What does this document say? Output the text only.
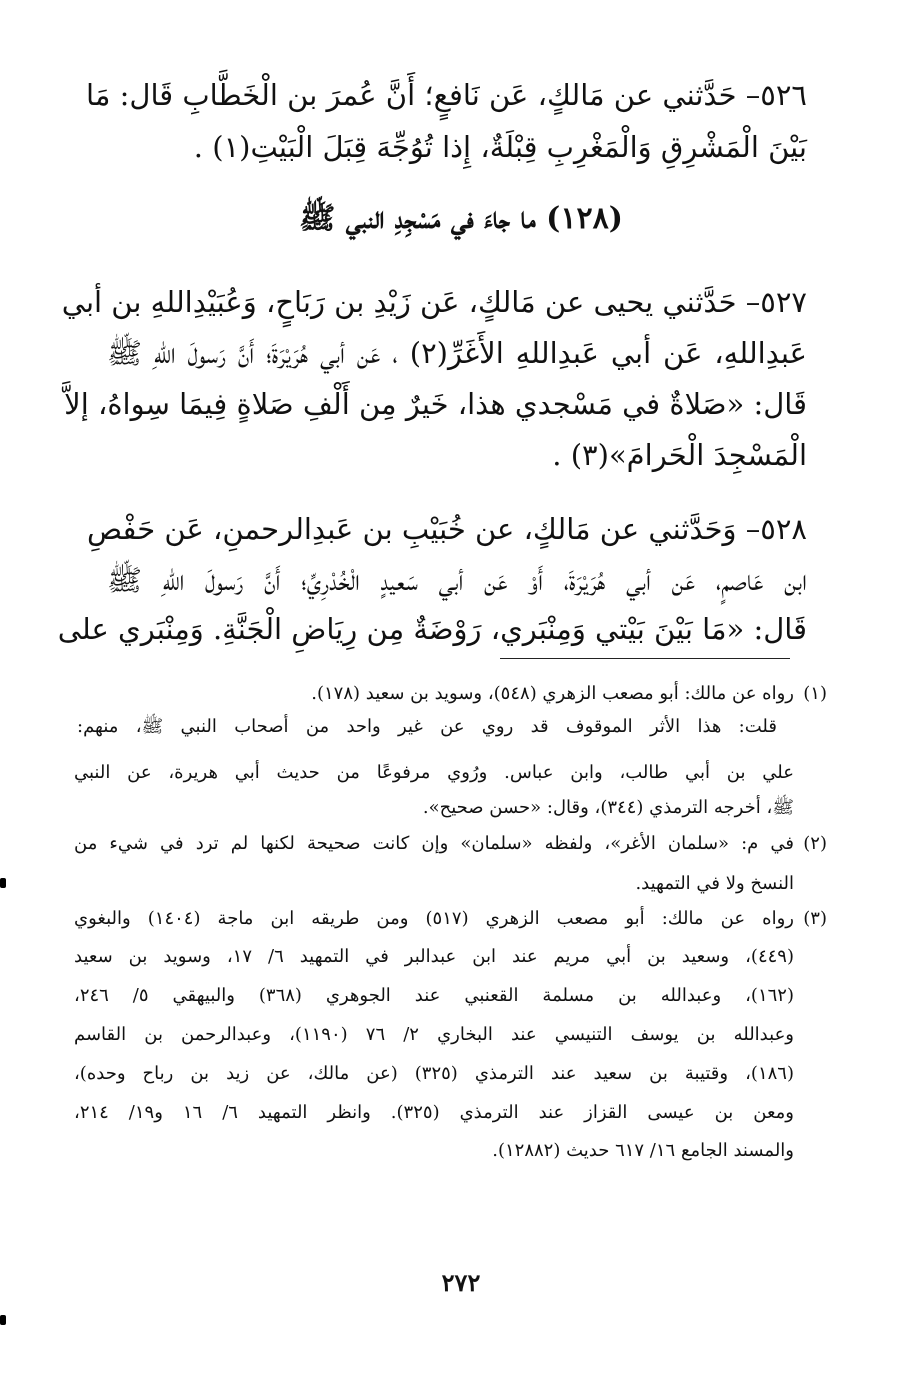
٥٢٦– حَدَّثني عن مَالكٍ، عَن نَافعٍ؛ أَنَّ عُمرَ بن الْخَطَّابِ قَال: مَا
بَيْنَ الْمَشْرِقِ وَالْمَغْرِبِ قِبْلَةٌ، إِذا تُوُجِّهَ قِبَلَ الْبَيْتِ(١) .
(١٢٨) ما جاءَ في مَسْجِدِ النبي ﷺ
٥٢٧– حَدَّثني يحيى عن مَالكٍ، عَن زَيْدِ بن رَبَاحٍ، وَعُبَيْدِاللهِ بن أبي
عَبدِاللهِ، عَن أبي عَبدِاللهِ الأَغَرِّ(٢) ، عَن أبي هُرَيْرَةَ؛ أَنَّ رَسولَ اللهِ ﷺ
قَال: «صَلاةٌ في مَسْجدي هذا، خَيرٌ مِن أَلْفِ صَلاةٍ فِيمَا سِواهُ، إلاَّ
الْمَسْجِدَ الْحَرامَ»(٣) .
٥٢٨– وَحَدَّثني عن مَالكٍ، عن خُبَيْبِ بن عَبدِالرحمنِ، عَن حَفْصِ
ابن عَاصمٍ، عَن أبي هُرَيْرَةَ، أَوْ عَن أبي سَعيدٍ الْخُدْرِيِّ؛ أَنَّ رَسولَ اللهِ ﷺ
قَال: «مَا بَيْنَ بَيْتي وَمِنْبَري، رَوْضَةٌ مِن رِيَاضِ الْجَنَّةِ. وَمِنْبَري على
(١)
رواه عن مالك: أبو مصعب الزهري (٥٤٨)، وسويد بن سعيد (١٧٨).
قلت: هذا الأثر الموقوف قد روي عن غير واحد من أصحاب النبي ﷺ، منهم:
علي بن أبي طالب، وابن عباس. ورُوي مرفوعًا من حديث أبي هريرة، عن النبي
ﷺ، أخرجه الترمذي (٣٤٤)، وقال: «حسن صحيح».
(٢)
في م: «سلمان الأغر»، ولفظه «سلمان» وإن كانت صحيحة لكنها لم ترد في شيء من
النسخ ولا في التمهيد.
(٣)
رواه عن مالك: أبو مصعب الزهري (٥١٧) ومن طريقه ابن ماجة (١٤٠٤) والبغوي
(٤٤٩)، وسعيد بن أبي مريم عند ابن عبدالبر في التمهيد ٦/ ١٧، وسويد بن سعيد
(١٦٢)، وعبدالله بن مسلمة القعنبي عند الجوهري (٣٦٨) والبيهقي ٥/ ٢٤٦،
وعبدالله بن يوسف التنيسي عند البخاري ٢/ ٧٦ (١١٩٠)، وعبدالرحمن بن القاسم
(١٨٦)، وقتيبة بن سعيد عند الترمذي (٣٢٥) (عن مالك، عن زيد بن رباح وحده)،
ومعن بن عيسى القزاز عند الترمذي (٣٢٥). وانظر التمهيد ٦/ ١٦ و١٩/ ٢١٤،
والمسند الجامع ١٦/ ٦١٧ حديث (١٢٨٨٢).
٢٧٢
